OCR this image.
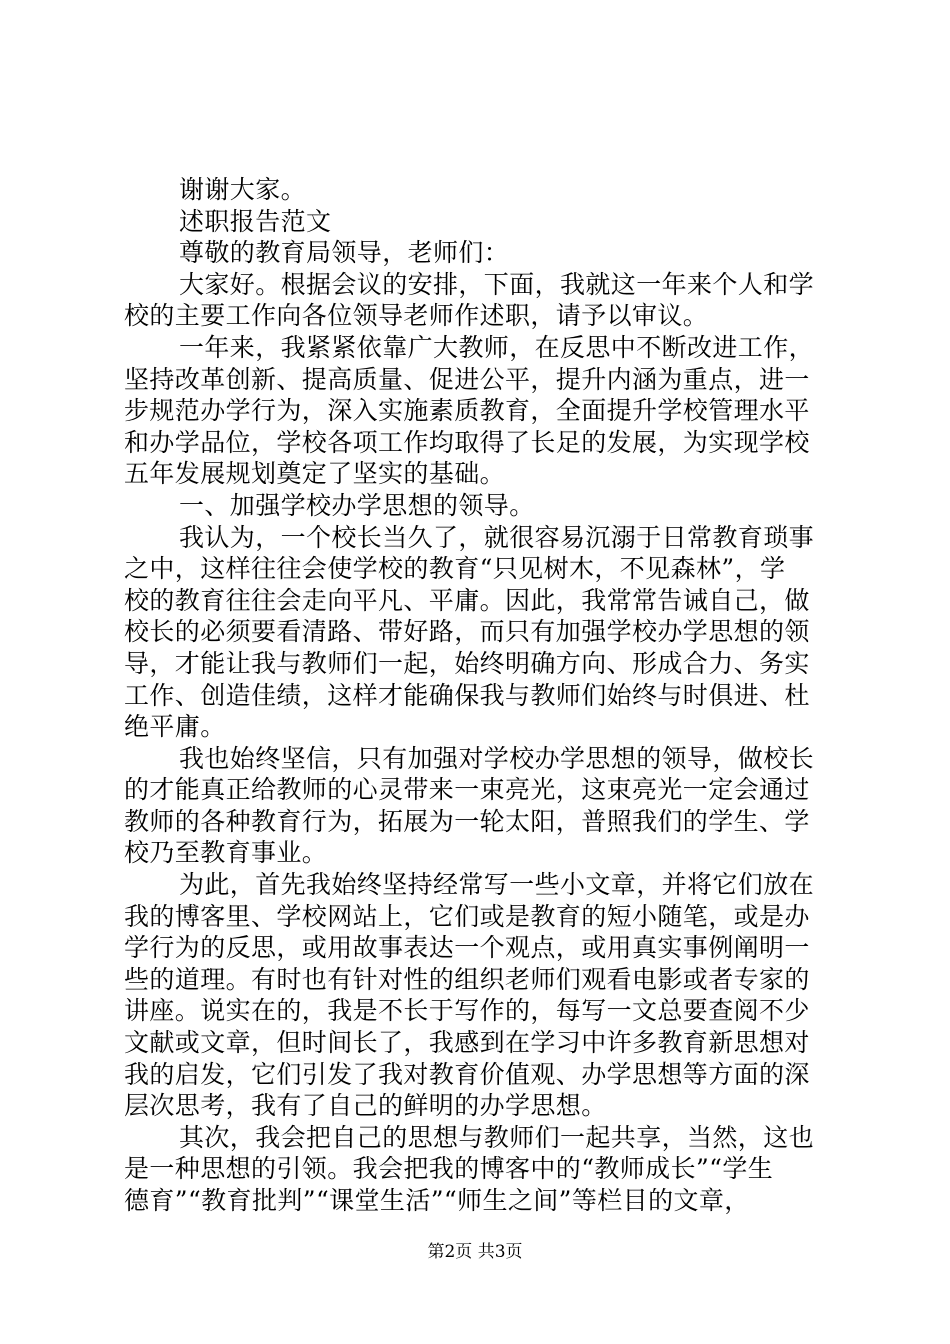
谢谢大家。
述职报告范文
尊敬的教育局领导，老师们：
大家好。根据会议的安排，下面，我就这一年来个人和学
校的主要工作向各位领导老师作述职，请予以审议。
一年来，我紧紧依靠广大教师，在反思中不断改进工作，
坚持改革创新、提高质量、促进公平，提升内涵为重点，进一
步规范办学行为，深入实施素质教育，全面提升学校管理水平
和办学品位，学校各项工作均取得了长足的发展，为实现学校
五年发展规划奠定了坚实的基础。
一、加强学校办学思想的领导。
我认为，一个校长当久了，就很容易沉溺于日常教育琐事
之中，这样往往会使学校的教育“只见树木，不见森林”，学
校的教育往往会走向平凡、平庸。因此，我常常告诫自己，做
校长的必须要看清路、带好路，而只有加强学校办学思想的领
导，才能让我与教师们一起，始终明确方向、形成合力、务实
工作、创造佳绩，这样才能确保我与教师们始终与时俱进、杜
绝平庸。
我也始终坚信，只有加强对学校办学思想的领导，做校长
的才能真正给教师的心灵带来一束亮光，这束亮光一定会通过
教师的各种教育行为，拓展为一轮太阳，普照我们的学生、学
校乃至教育事业。
为此，首先我始终坚持经常写一些小文章，并将它们放在
我的博客里、学校网站上，它们或是教育的短小随笔，或是办
学行为的反思，或用故事表达一个观点，或用真实事例阐明一
些的道理。有时也有针对性的组织老师们观看电影或者专家的
讲座。说实在的，我是不长于写作的，每写一文总要查阅不少
文献或文章，但时间长了，我感到在学习中许多教育新思想对
我的启发，它们引发了我对教育价值观、办学思想等方面的深
层次思考，我有了自己的鲜明的办学思想。
其次，我会把自己的思想与教师们一起共享，当然，这也
是一种思想的引领。我会把我的博客中的“教师成长”“学生
德育”“教育批判”“课堂生活”“师生之间”等栏目的文章，
第2页 共3页
